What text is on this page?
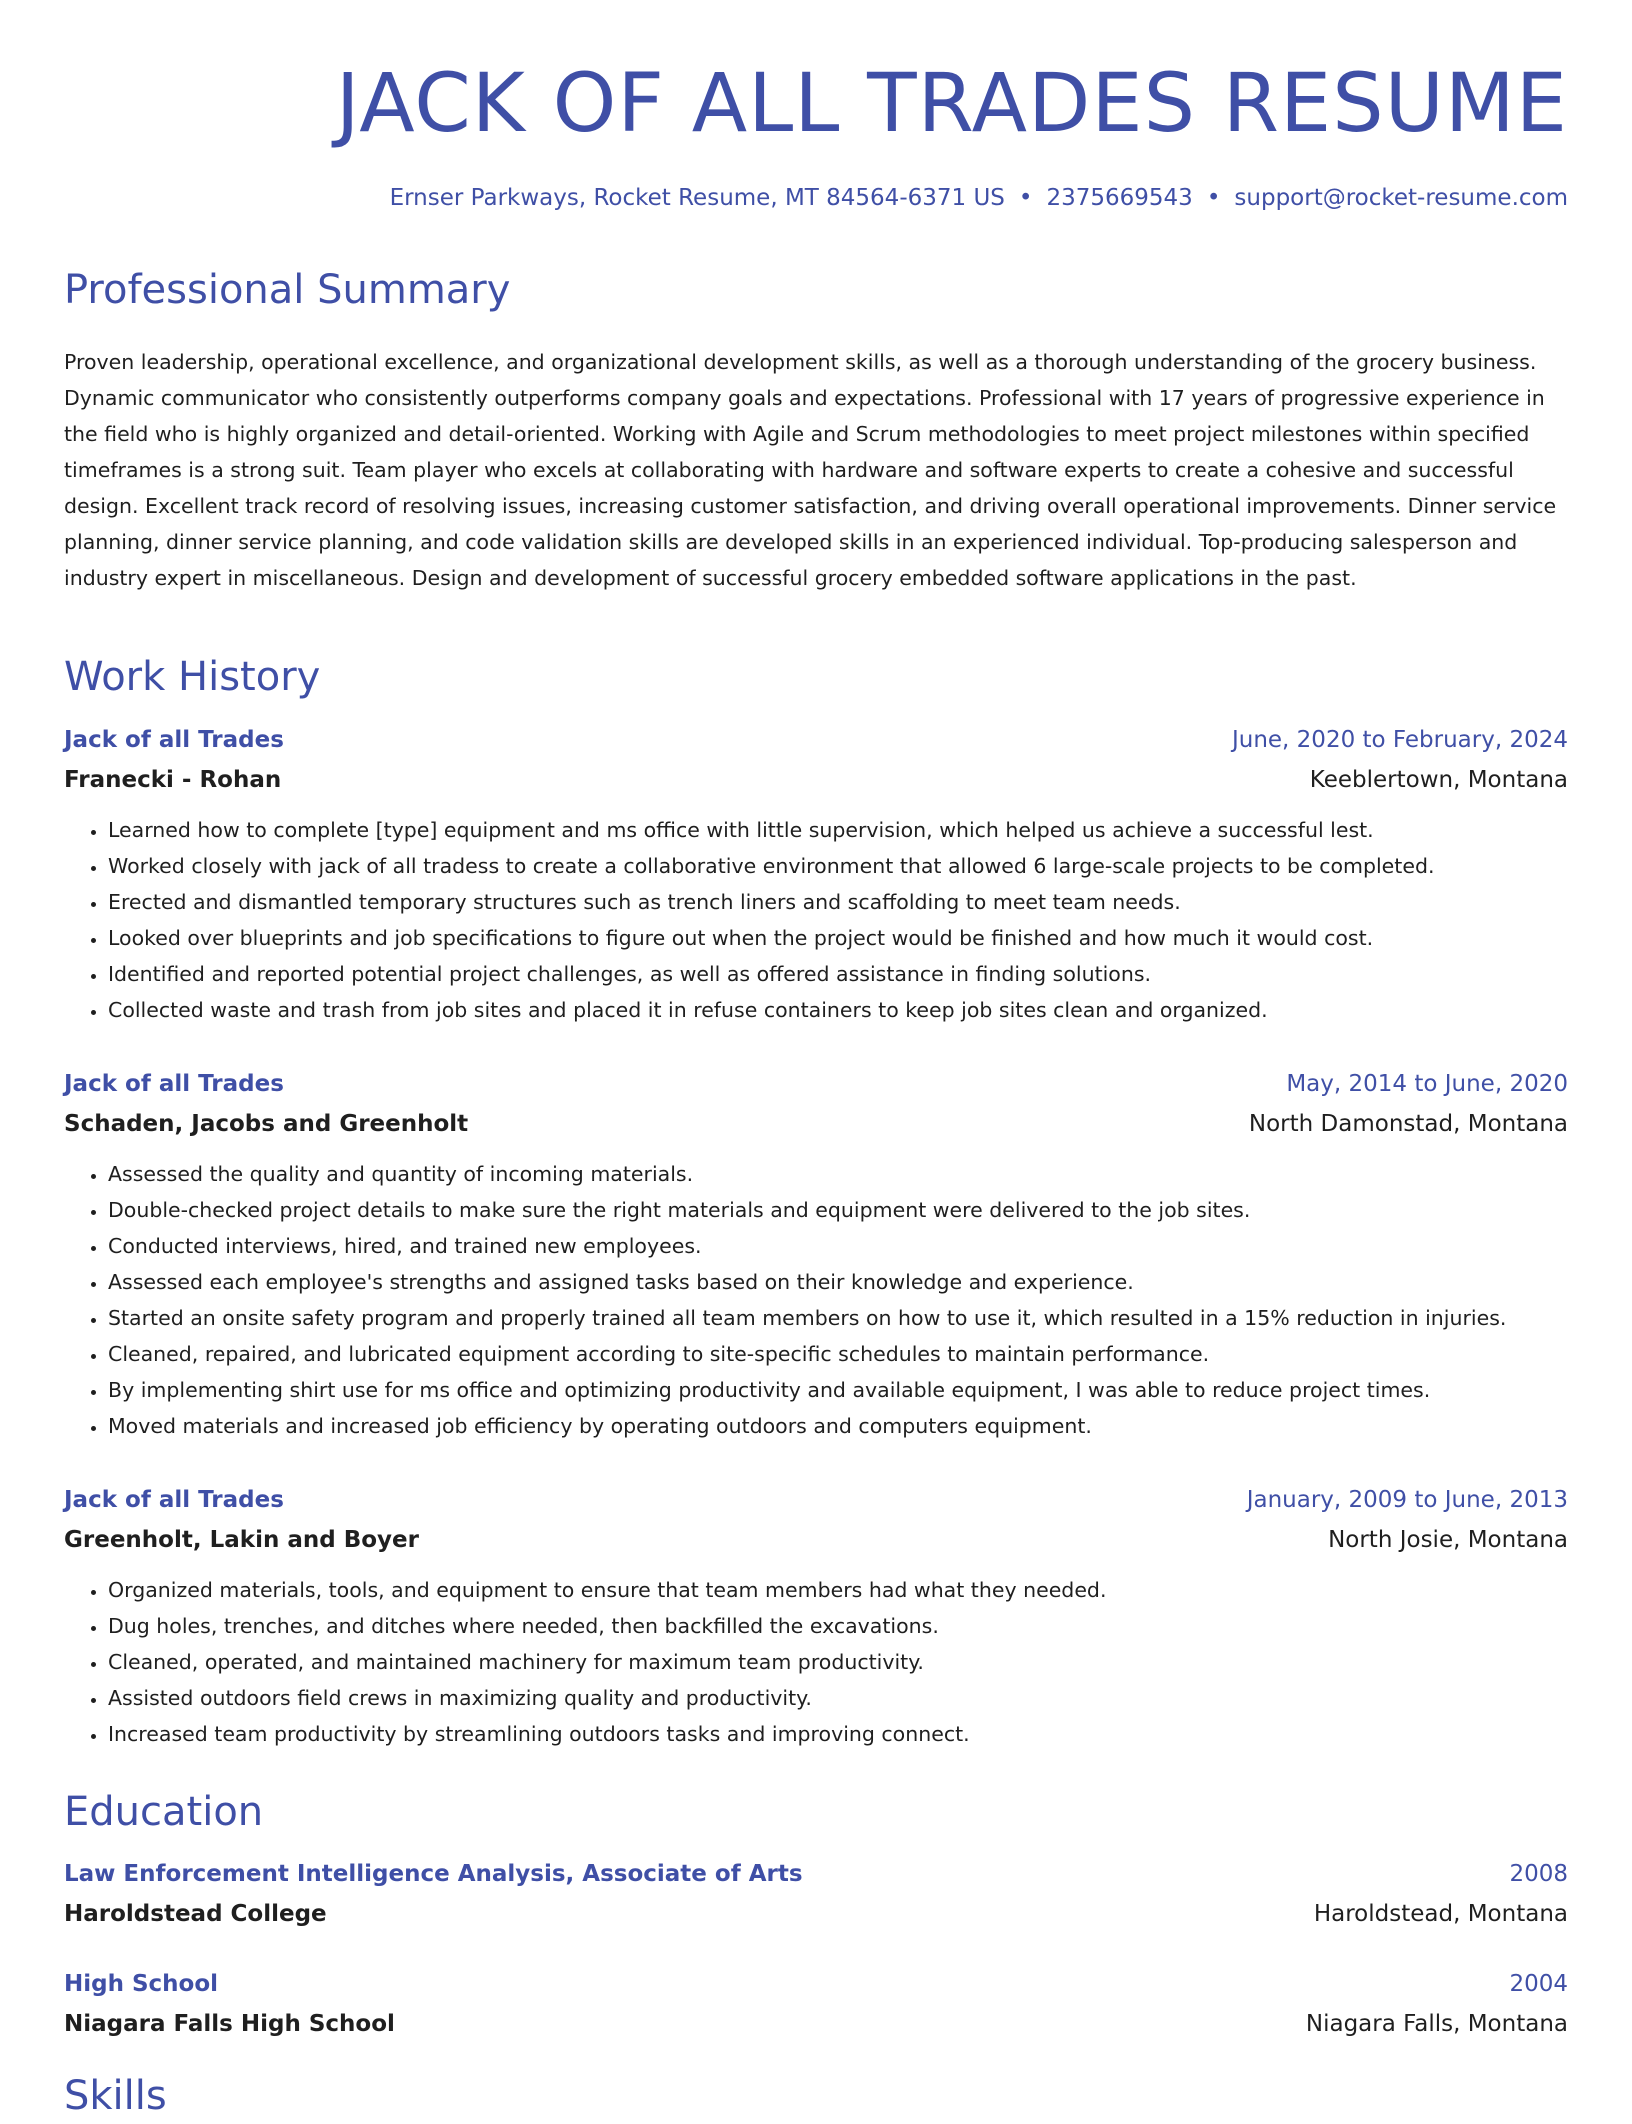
JACK OF ALL TRADES RESUME
Ernser Parkways, Rocket Resume, MT 84564-6371 US • 2375669543 • support@rocket-resume.com
Professional Summary

Proven leadership, operational excellence, and organizational development skills, as well as a thorough understanding of the grocery business. Dynamic communicator who consistently outperforms company goals and expectations. Professional with 17 years of progressive experience in the field who is highly organized and detail-oriented. Working with Agile and Scrum methodologies to meet project milestones within specified timeframes is a strong suit. Team player who excels at collaborating with hardware and software experts to create a cohesive and successful design. Excellent track record of resolving issues, increasing customer satisfaction, and driving overall operational improvements. Dinner service planning, dinner service planning, and code validation skills are developed skills in an experienced individual. Top-producing salesperson and industry expert in miscellaneous. Design and development of successful grocery embedded software applications in the past.

Work History
Jack of all Trades	June, 2020 to February, 2024
Franecki - Rohan	Keeblertown, Montana
• Learned how to complete [type] equipment and ms office with little supervision, which helped us achieve a successful lest.
• Worked closely with jack of all tradess to create a collaborative environment that allowed 6 large-scale projects to be completed.
• Erected and dismantled temporary structures such as trench liners and scaffolding to meet team needs.
• Looked over blueprints and job specifications to figure out when the project would be finished and how much it would cost.
• Identified and reported potential project challenges, as well as offered assistance in finding solutions.
• Collected waste and trash from job sites and placed it in refuse containers to keep job sites clean and organized.
Jack of all Trades	May, 2014 to June, 2020
Schaden, Jacobs and Greenholt	North Damonstad, Montana
• Assessed the quality and quantity of incoming materials.
• Double-checked project details to make sure the right materials and equipment were delivered to the job sites.
• Conducted interviews, hired, and trained new employees.
• Assessed each employee's strengths and assigned tasks based on their knowledge and experience.
• Started an onsite safety program and properly trained all team members on how to use it, which resulted in a 15% reduction in injuries.
• Cleaned, repaired, and lubricated equipment according to site-specific schedules to maintain performance.
• By implementing shirt use for ms office and optimizing productivity and available equipment, I was able to reduce project times.
• Moved materials and increased job efficiency by operating outdoors and computers equipment.
Jack of all Trades	January, 2009 to June, 2013
Greenholt, Lakin and Boyer	North Josie, Montana
• Organized materials, tools, and equipment to ensure that team members had what they needed.
• Dug holes, trenches, and ditches where needed, then backfilled the excavations.
• Cleaned, operated, and maintained machinery for maximum team productivity.
• Assisted outdoors field crews in maximizing quality and productivity.
• Increased team productivity by streamlining outdoors tasks and improving connect.
Education
Law Enforcement Intelligence Analysis, Associate of Arts	2008
Haroldstead College	Haroldstead, Montana
High School	2004
Niagara Falls High School	Niagara Falls, Montana
Skills
